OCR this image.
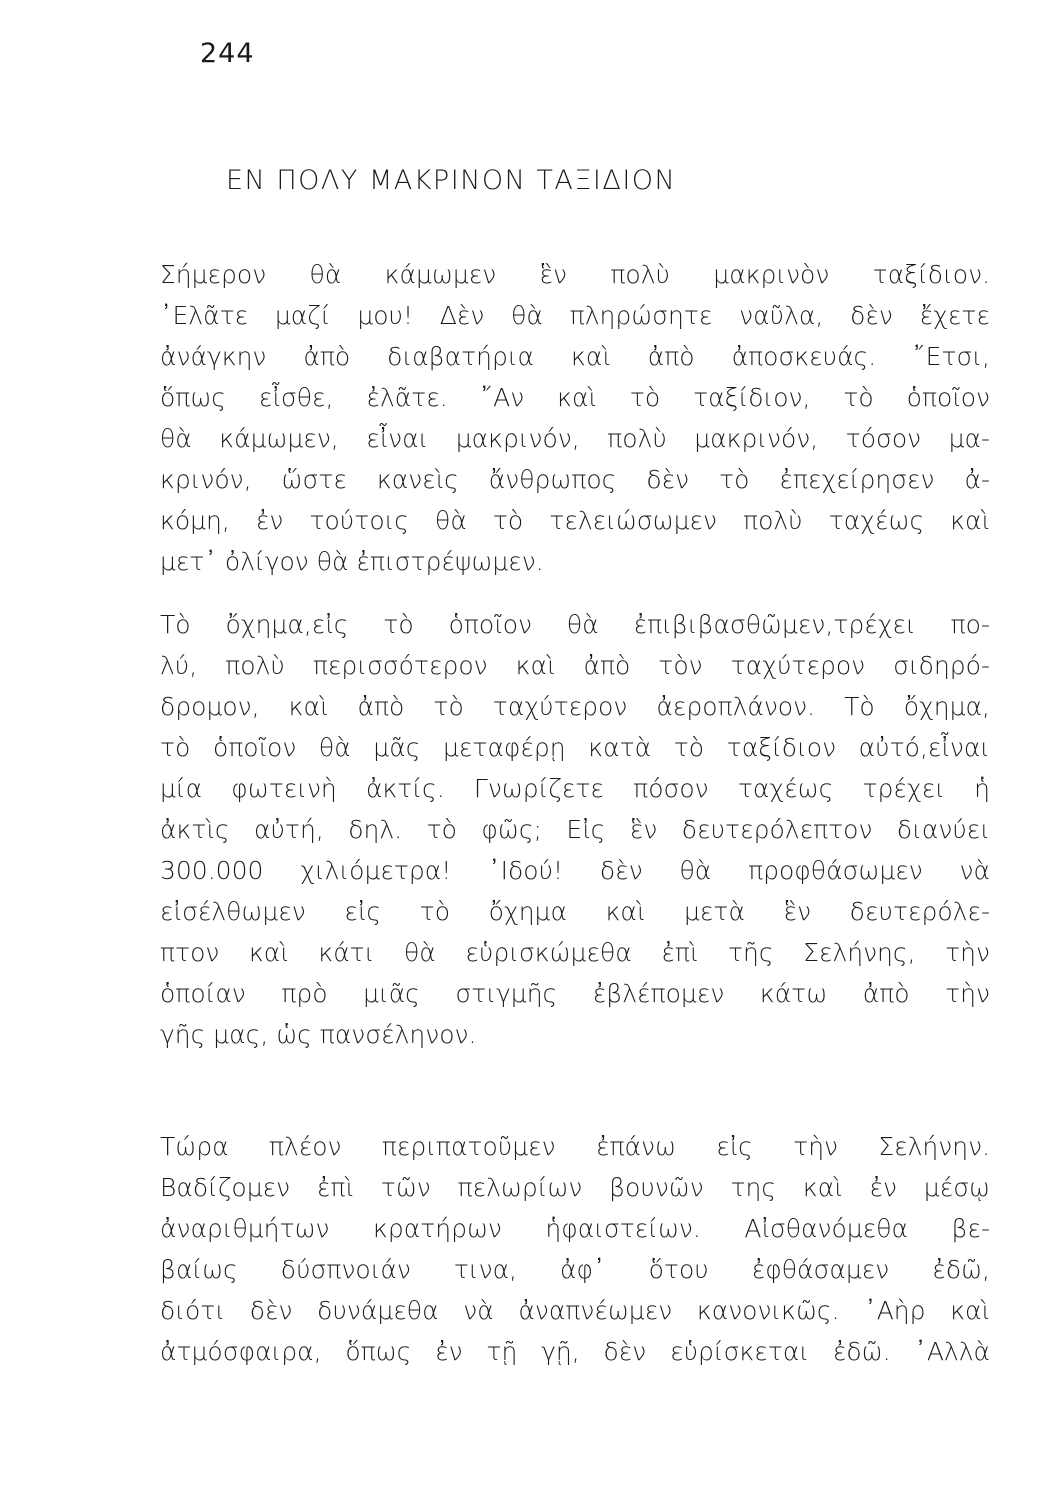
244
ΕΝ ΠΟΛΥ ΜΑΚΡΙΝΟΝ ΤΑΞΙΔΙΟΝ
Σήμερον θὰ κάμωμεν ἓν πολὺ μακρινὸν ταξίδιον.
᾿Ελᾶτε μαζί μου! Δὲν θὰ πληρώσητε ναῦλα, δὲν ἔχετε
ἀνάγκην ἀπὸ διαβατήρια καὶ ἀπὸ ἀποσκευάς. ῎Ετσι,
ὅπως εἶσθε, ἐλᾶτε. ῎Αν καὶ τὸ ταξίδιον, τὸ ὁποῖον
θὰ κάμωμεν, εἶναι μακρινόν, πολὺ μακρινόν, τόσον μα-
κρινόν, ὥστε κανεὶς ἄνθρωπος δὲν τὸ ἐπεχείρησεν ἀ-
κόμη, ἐν τούτοις θὰ τὸ τελειώσωμεν πολὺ ταχέως καὶ
μετ᾿ ὀλίγον θὰ ἐπιστρέψωμεν.
Τὸ ὄχημα,εἰς τὸ ὁποῖον θὰ ἐπιβιβασθῶμεν,τρέχει πο-
λύ, πολὺ περισσότερον καὶ ἀπὸ τὸν ταχύτερον σιδηρό-
δρομον, καὶ ἀπὸ τὸ ταχύτερον ἀεροπλάνον. Τὸ ὄχημα,
τὸ ὁποῖον θὰ μᾶς μεταφέρῃ κατὰ τὸ ταξίδιον αὐτό,εἶναι
μία φωτεινὴ ἀκτίς. Γνωρίζετε πόσον ταχέως τρέχει ἡ
ἀκτὶς αὐτή, δηλ. τὸ φῶς; Εἰς ἓν δευτερόλεπτον διανύει
300.000 χιλιόμετρα! ᾿Ιδού! δὲν θὰ προφθάσωμεν νὰ
εἰσέλθωμεν εἰς τὸ ὄχημα καὶ μετὰ ἓν δευτερόλε-
πτον καὶ κάτι θὰ εὑρισκώμεθα ἐπὶ τῆς Σελήνης, τὴν
ὁποίαν πρὸ μιᾶς στιγμῆς ἐβλέπομεν κάτω ἀπὸ τὴν
γῆς μας, ὡς πανσέληνον.
Τώρα πλέον περιπατοῦμεν ἐπάνω εἰς τὴν Σελήνην.
Βαδίζομεν ἐπὶ τῶν πελωρίων βουνῶν της καὶ ἐν μέσῳ
ἀναριθμήτων κρατήρων ἡφαιστείων. Αἰσθανόμεθα βε-
βαίως δύσπνοιάν τινα, ἀφ᾿ ὅτου ἐφθάσαμεν ἐδῶ,
διότι δὲν δυνάμεθα νὰ ἀναπνέωμεν κανονικῶς. ᾿Αὴρ καὶ
ἀτμόσφαιρα, ὅπως ἐν τῇ γῇ, δὲν εὑρίσκεται ἐδῶ. ᾿Αλλὰ
